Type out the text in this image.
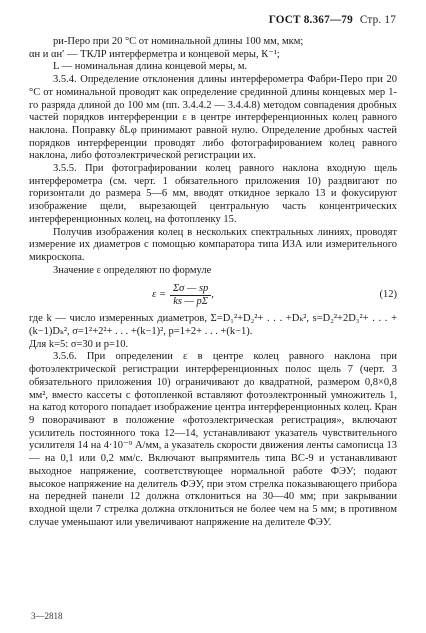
ГОСТ 8.367—79 Стр. 17

ри-Перо при 20 °С от номинальной длины 100 мм, мкм;

αн и αн′ — ТКЛР интерферметра и концевой меры, К⁻¹;

L — номинальная длина концевой меры, м.

3.5.4. Определение отклонения длины интерферометра Фабри-Перо при 20 °С от номинальной проводят как определение срединной длины концевых мер 1-го разряда длиной до 100 мм (пп. 3.4.4.2 — 3.4.4.8) методом совпадения дробных частей порядков интерференции ε в центре интерференционных колец равного наклона. Поправку δLφ принимают равной нулю. Определение дробных частей порядков интерференции проводят либо фотографированием колец равного наклона, либо фотоэлектрической регистрации их.

3.5.5. При фотографировании колец равного наклона входную щель интерферометра (см. черт. 1 обязательного приложения 10) раздвигают по горизонтали до размера 5—6 мм, вводят откидное зеркало 13 и фокусируют изображение щели, вырезающей центральную часть концентрических интерференционных колец, на фотопленку 15.

Получив изображения колец в нескольких спектральных линиях, проводят измерение их диаметров с помощью компаратора типа ИЗА или измерительного микроскопа.

Значение ε определяют по формуле

$\varepsilon = \frac{\Sigma\sigma — sp}{ks — p\Sigma}$ ,	(12)

где k — число измеренных диаметров, Σ=D₁²+D₂²+ . . . +Dₖ², s=D₂²+2D₃²+ . . . +(k−1)Dₖ², σ=1²+2²+ . . . +(k−1)², p=1+2+ . . . +(k−1).

Для k=5: σ=30 и p=10.

3.5.6. При определении ε в центре колец равного наклона при фотоэлектрической регистрации интерференционных полос щель 7 (черт. 3 обязательного приложения 10) ограничивают до квадратной, размером 0,8×0,8 мм², вместо кассеты с фотопленкой вставляют фотоэлектронный умножитель 1, на катод которого попадает изображение центра интерференционных колец. Кран 9 поворачивают в положение «фотоэлектрическая регистрация», включают усилитель постоянного тока 12—14, устанавливают указатель чувствительного усилителя 14 на 4·10⁻⁹ А/мм, а указатель скорости движения ленты самописца 13 — на 0,1 или 0,2 мм/с. Включают выпрямитель типа ВС-9 и устанавливают выходное напряжение, соответствующее нормальной работе ФЭУ; подают высокое напряжение на делитель ФЭУ, при этом стрелка показывающего прибора на передней панели 12 должна отклониться на 30—40 мм; при закрывании входной щели 7 стрелка должна отклониться не более чем на 5 мм; в противном случае уменьшают или увеличивают напряжение на делителе ФЭУ.

3—2818
